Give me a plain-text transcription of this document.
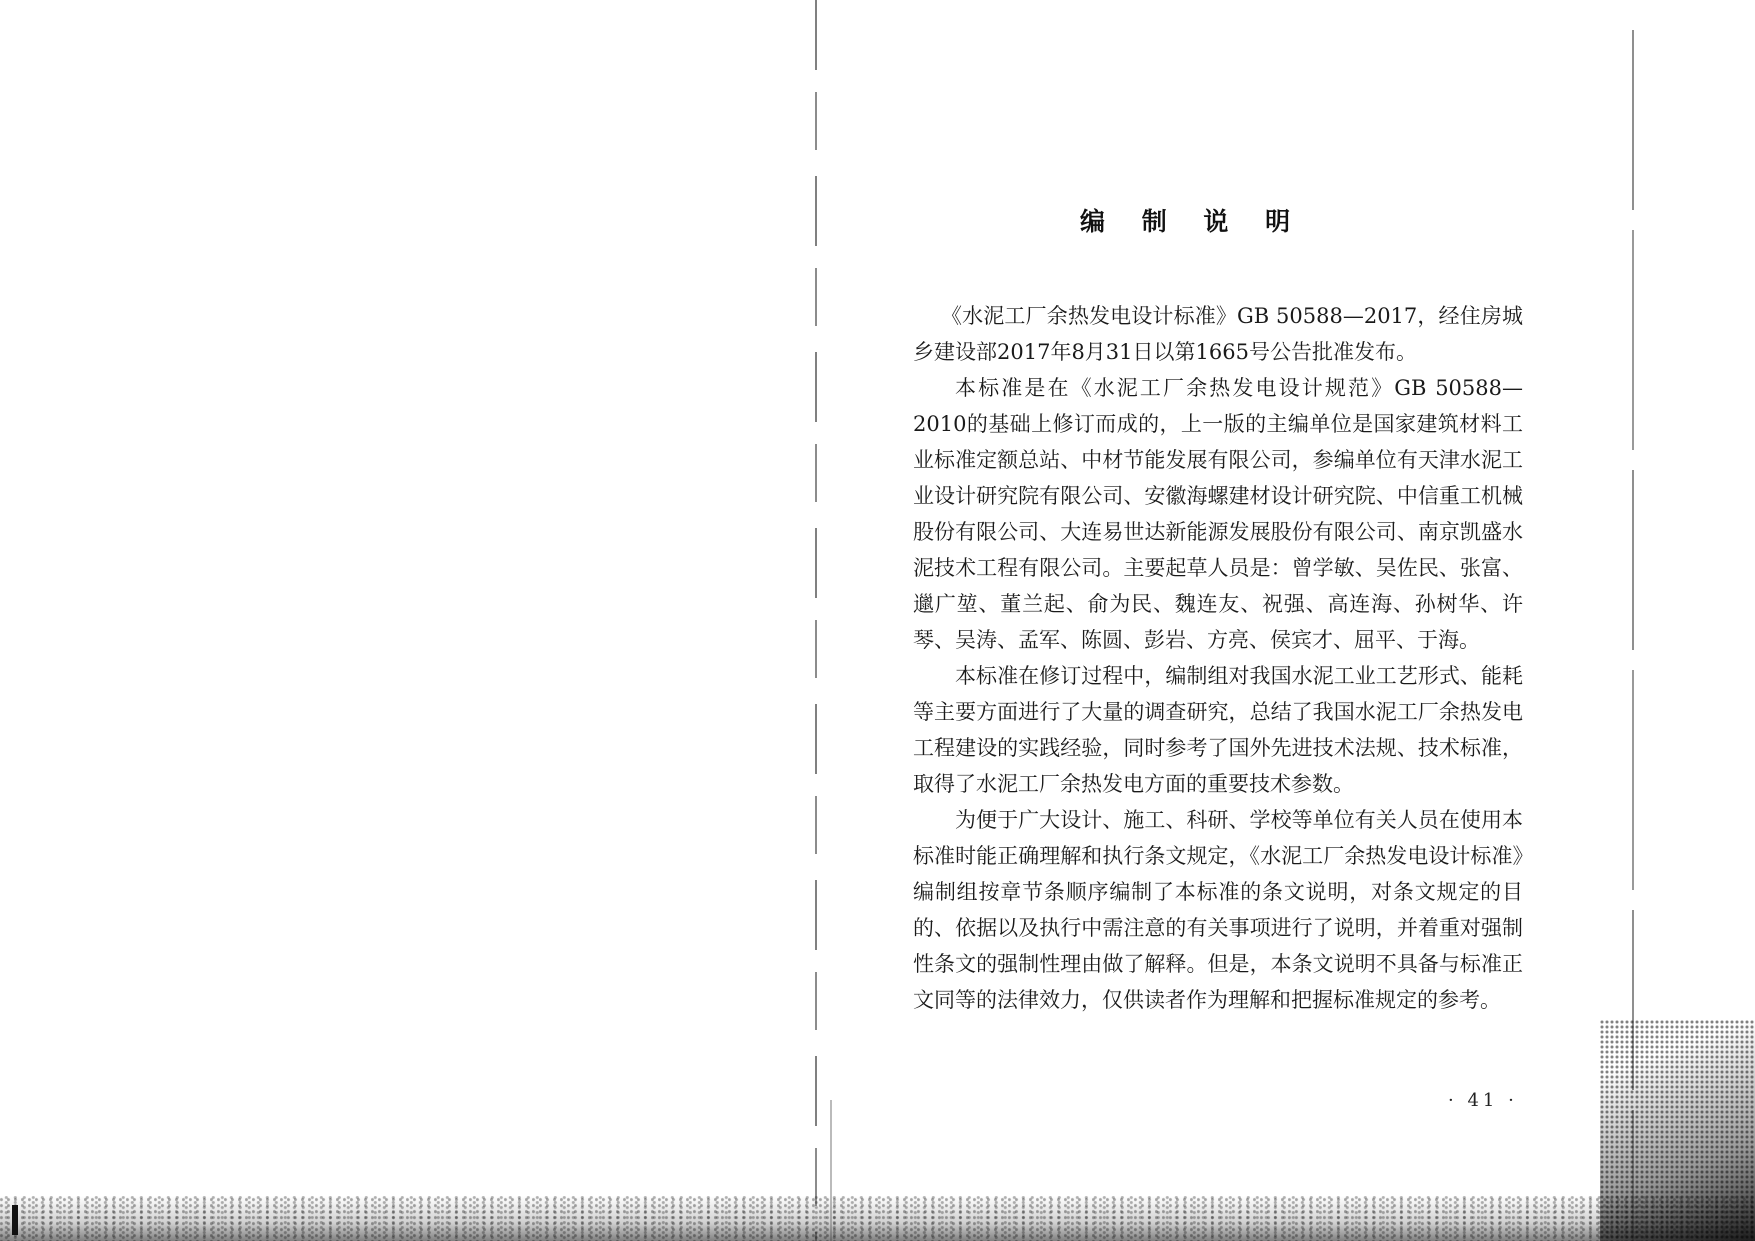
编 制 说 明

《水泥工厂余热发电设计标准》GB 50588—2017，经住房城乡建设部2017年8月31日以第1665号公告批准发布。

本标准是在《水泥工厂余热发电设计规范》GB 50588—2010的基础上修订而成的，上一版的主编单位是国家建筑材料工业标准定额总站、中材节能发展有限公司，参编单位有天津水泥工业设计研究院有限公司、安徽海螺建材设计研究院、中信重工机械股份有限公司、大连易世达新能源发展股份有限公司、南京凯盛水泥技术工程有限公司。主要起草人员是：曾学敏、吴佐民、张富、邋广堃、董兰起、俞为民、魏连友、祝强、高连海、孙树华、许琴、吴涛、孟军、陈圆、彭岩、方亮、侯宾才、屈平、于海。

本标准在修订过程中，编制组对我国水泥工业工艺形式、能耗等主要方面进行了大量的调查研究，总结了我国水泥工厂余热发电工程建设的实践经验，同时参考了国外先进技术法规、技术标准，取得了水泥工厂余热发电方面的重要技术参数。

为便于广大设计、施工、科研、学校等单位有关人员在使用本标准时能正确理解和执行条文规定，《水泥工厂余热发电设计标准》编制组按章节条顺序编制了本标准的条文说明，对条文规定的目的、依据以及执行中需注意的有关事项进行了说明，并着重对强制性条文的强制性理由做了解释。但是，本条文说明不具备与标准正文同等的法律效力，仅供读者作为理解和把握标准规定的参考。

· 41 ·
